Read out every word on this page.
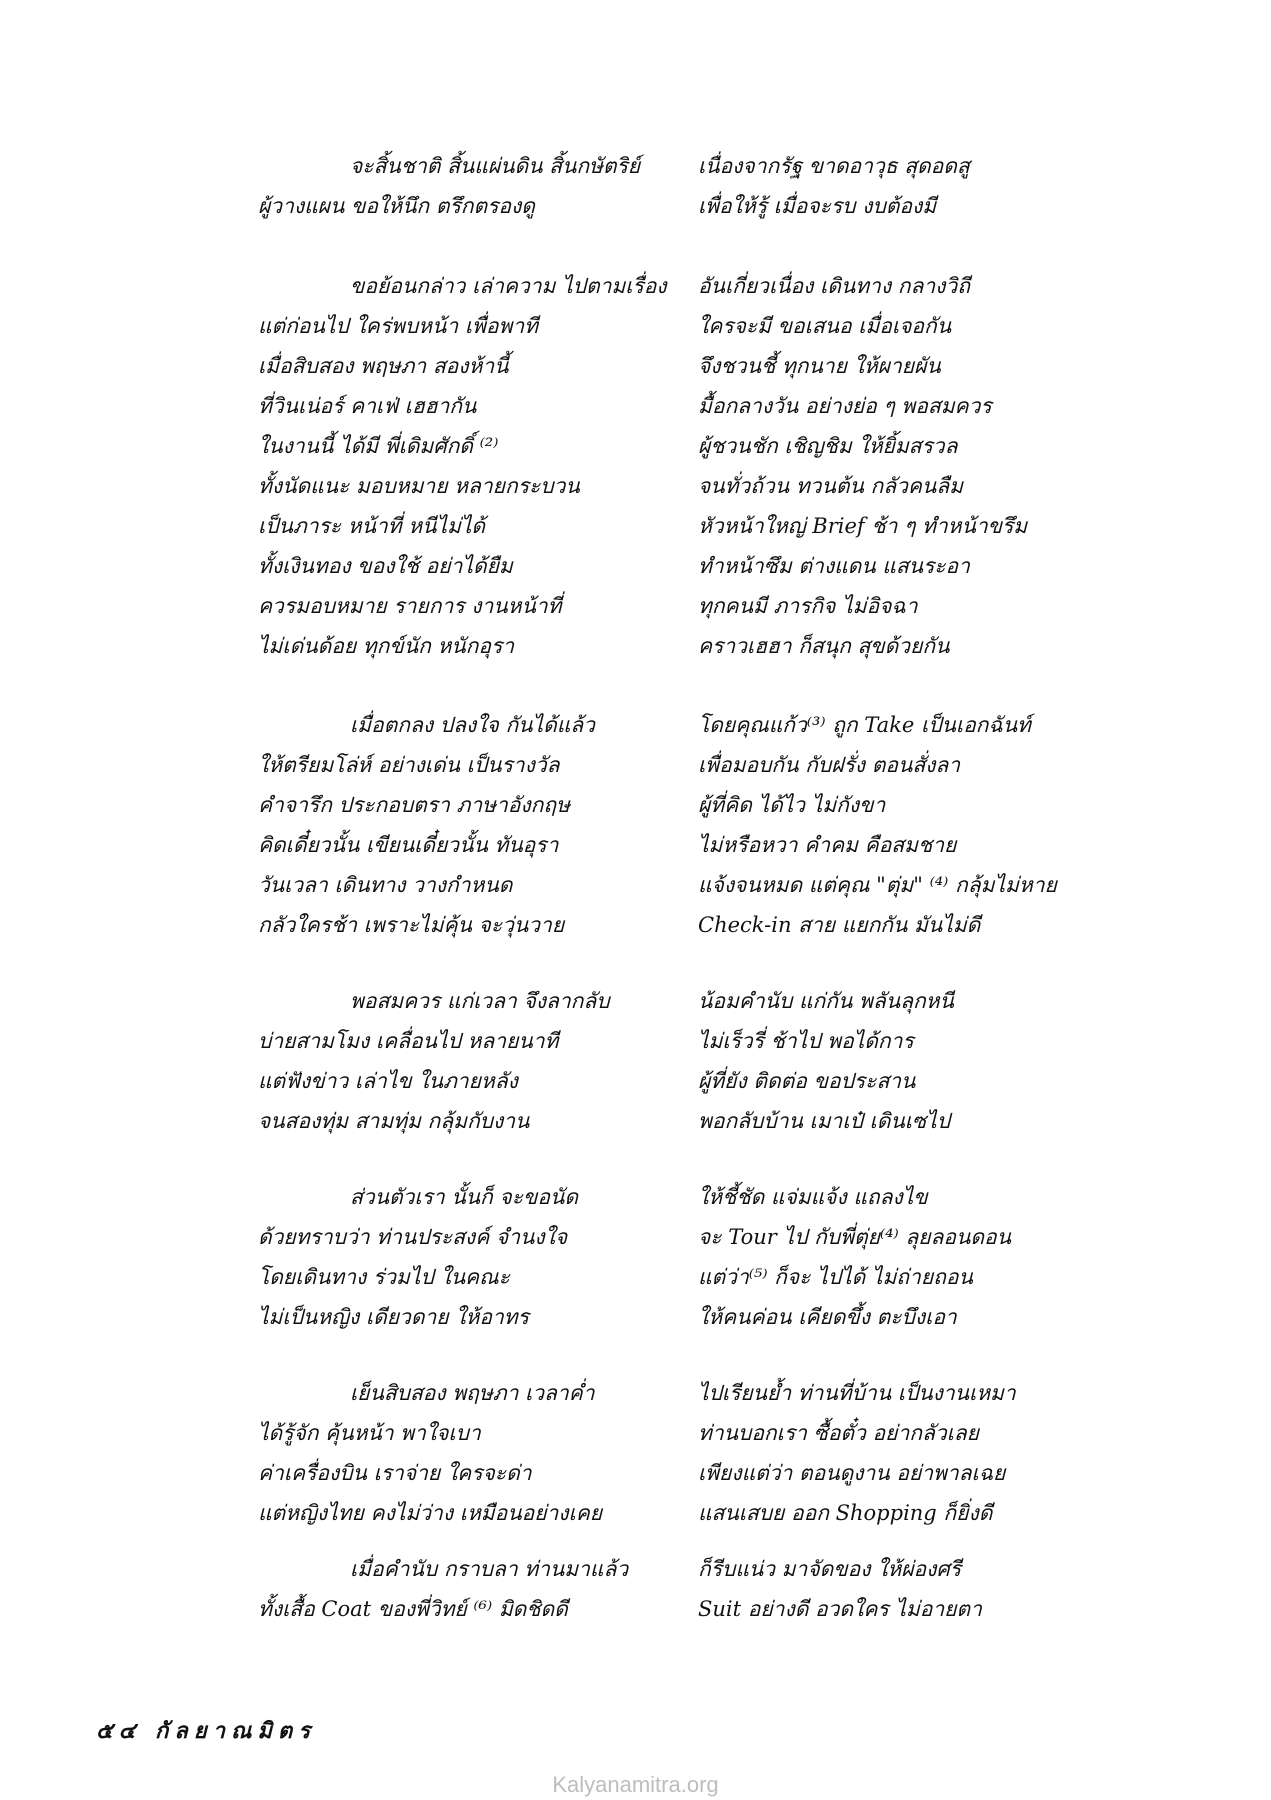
จะสิ้นชาติ สิ้นแผ่นดิน สิ้นกษัตริย์	เนื่องจากรัฐ ขาดอาวุธ สุดอดสู
ผู้วางแผน ขอให้นึก ตรึกตรองดู	เพื่อให้รู้ เมื่อจะรบ งบต้องมี
ขอย้อนกล่าว เล่าความ ไปตามเรื่อง	อันเกี่ยวเนื่อง เดินทาง กลางวิถี
แต่ก่อนไป ใคร่พบหน้า เพื่อพาที	ใครจะมี ขอเสนอ เมื่อเจอกัน
เมื่อสิบสอง พฤษภา สองห้านี้	จึงชวนชี้ ทุกนาย ให้ผายผัน
ที่วินเน่อร์ คาเฟ่ เฮฮากัน	มื้อกลางวัน อย่างย่อ ๆ พอสมควร
ในงานนี้ ได้มี พี่เดิมศักดิ์ ⁽²⁾	ผู้ชวนชัก เชิญชิม ให้ยิ้มสรวล
ทั้งนัดแนะ มอบหมาย หลายกระบวน	จนทั่วถ้วน ทวนต้น กลัวคนลืม
เป็นภาระ หน้าที่ หนีไม่ได้	หัวหน้าใหญ่ Brief ช้า ๆ ทำหน้าขรึม
ทั้งเงินทอง ของใช้ อย่าได้ยืม	ทำหน้าซึม ต่างแดน แสนระอา
ควรมอบหมาย รายการ งานหน้าที่	ทุกคนมี ภารกิจ ไม่อิจฉา
ไม่เด่นด้อย ทุกข์นัก หนักอุรา	คราวเฮฮา ก็สนุก สุขด้วยกัน
เมื่อตกลง ปลงใจ กันได้แล้ว	โดยคุณแก้ว⁽³⁾ ถูก Take เป็นเอกฉันท์
ให้ตรียมโล่ห์ อย่างเด่น เป็นรางวัล	เพื่อมอบกัน กับฝรั่ง ตอนสั่งลา
คำจารึก ประกอบตรา ภาษาอังกฤษ	ผู้ที่คิด ได้ไว ไม่กังขา
คิดเดี๋ยวนั้น เขียนเดี๋ยวนั้น ทันอุรา	ไม่หรือหวา คำคม คือสมชาย
วันเวลา เดินทาง วางกำหนด	แจ้งจนหมด แต่คุณ "ตุ่ม" ⁽⁴⁾ กลุ้มไม่หาย
กลัวใครช้า เพราะไม่คุ้น จะวุ่นวาย	Check-in สาย แยกกัน มันไม่ดี
พอสมควร แก่เวลา จึงลากลับ	น้อมคำนับ แก่กัน พลันลุกหนี
บ่ายสามโมง เคลื่อนไป หลายนาที	ไม่เร็วรี่ ช้าไป พอได้การ
แต่ฟังข่าว เล่าไข ในภายหลัง	ผู้ที่ยัง ติดต่อ ขอประสาน
จนสองทุ่ม สามทุ่ม กลุ้มกับงาน	พอกลับบ้าน เมาเป๋ เดินเซไป
ส่วนตัวเรา นั้นก็ จะขอนัด	ให้ชี้ชัด แจ่มแจ้ง แถลงไข
ด้วยทราบว่า ท่านประสงค์ จำนงใจ	จะ Tour ไป กับพี่ตุ่ย⁽⁴⁾ ลุยลอนดอน
โดยเดินทาง ร่วมไป ในคณะ	แต่ว่า⁽⁵⁾ ก็จะ ไปได้ ไม่ถ่ายถอน
ไม่เป็นหญิง เดียวดาย ให้อาทร	ให้คนค่อน เคียดขึ้ง ตะบึงเอา
เย็นสิบสอง พฤษภา เวลาค่ำ	ไปเรียนย้ำ ท่านที่บ้าน เป็นงานเหมา
ได้รู้จัก คุ้นหน้า พาใจเบา	ท่านบอกเรา ซื้อตั๋ว อย่ากลัวเลย
ค่าเครื่องบิน เราจ่าย ใครจะด่า	เพียงแต่ว่า ตอนดูงาน อย่าพาลเฉย
แต่หญิงไทย คงไม่ว่าง เหมือนอย่างเคย	แสนเสบย ออก Shopping ก็ยิ่งดี
เมื่อคำนับ กราบลา ท่านมาแล้ว	ก็รีบแน่ว มาจัดของ ให้ผ่องศรี
ทั้งเสื้อ Coat ของพี่วิทย์ ⁽⁶⁾ มิดชิดดี	Suit อย่างดี อวดใคร ไม่อายตา
๕๔ กัลยาณมิตร
Kalyanamitra.org
